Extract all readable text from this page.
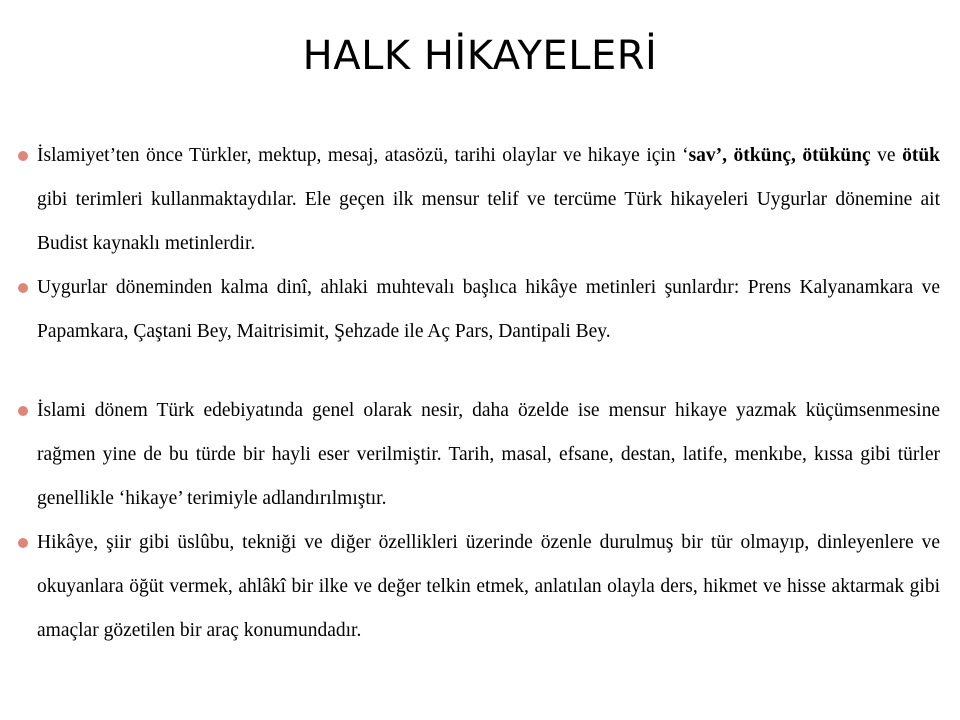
HALK HİKAYELERİ

İslamiyet’ten önce Türkler, mektup, mesaj, atasözü, tarihi olaylar ve hikaye için ‘sav’, ötkünç, ötükünç ve ötük gibi terimleri kullanmaktaydılar. Ele geçen ilk mensur telif ve tercüme Türk hikayeleri Uygurlar dönemine ait Budist kaynaklı metinlerdir.

Uygurlar döneminden kalma dinî, ahlaki muhtevalı başlıca hikâye metinleri şunlardır: Prens Kalyanamkara ve Papamkara, Çaştani Bey, Maitrisimit, Şehzade ile Aç Pars, Dantipali Bey.

İslami dönem Türk edebiyatında genel olarak nesir, daha özelde ise mensur hikaye yazmak küçümsenmesine rağmen yine de bu türde bir hayli eser verilmiştir. Tarih, masal, efsane, destan, latife, menkıbe, kıssa gibi türler genellikle ‘hikaye’ terimiyle adlandırılmıştır.

Hikâye, şiir gibi üslûbu, tekniği ve diğer özellikleri üzerinde özenle durulmuş bir tür olmayıp, dinleyenlere ve okuyanlara öğüt vermek, ahlâkî bir ilke ve değer telkin etmek, anlatılan olayla ders, hikmet ve hisse aktarmak gibi amaçlar gözetilen bir araç konumundadır.
